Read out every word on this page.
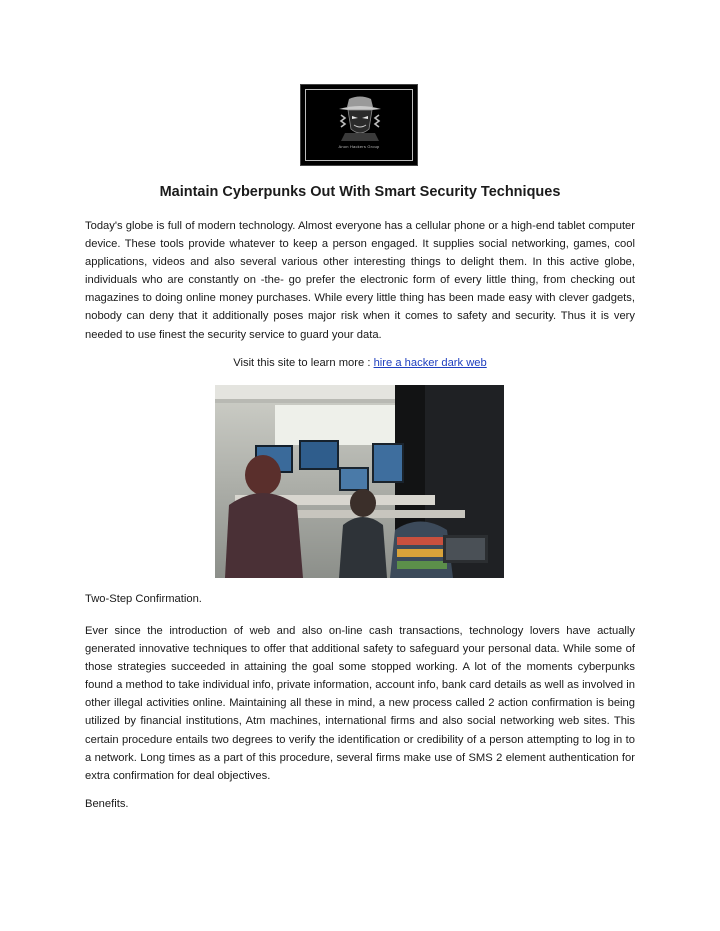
Anon Hackers Group
Maintain Cyberpunks Out With Smart Security Techniques

Today's globe is full of modern technology. Almost everyone has a cellular phone or a high-end tablet computer device. These tools provide whatever to keep a person engaged. It supplies social networking, games, cool applications, videos and also several various other interesting things to delight them. In this active globe, individuals who are constantly on -the- go prefer the electronic form of every little thing, from checking out magazines to doing online money purchases. While every little thing has been made easy with clever gadgets, nobody can deny that it additionally poses major risk when it comes to safety and security. Thus it is very needed to use finest the security service to guard your data.

Visit this site to learn more : hire a hacker dark web
Two-Step Confirmation.

Ever since the introduction of web and also on-line cash transactions, technology lovers have actually generated innovative techniques to offer that additional safety to safeguard your personal data. While some of those strategies succeeded in attaining the goal some stopped working. A lot of the moments cyberpunks found a method to take individual info, private information, account info, bank card details as well as involved in other illegal activities online. Maintaining all these in mind, a new process called 2 action confirmation is being utilized by financial institutions, Atm machines, international firms and also social networking web sites. This certain procedure entails two degrees to verify the identification or credibility of a person attempting to log in to a network. Long times as a part of this procedure, several firms make use of SMS 2 element authentication for extra confirmation for deal objectives.

Benefits.
